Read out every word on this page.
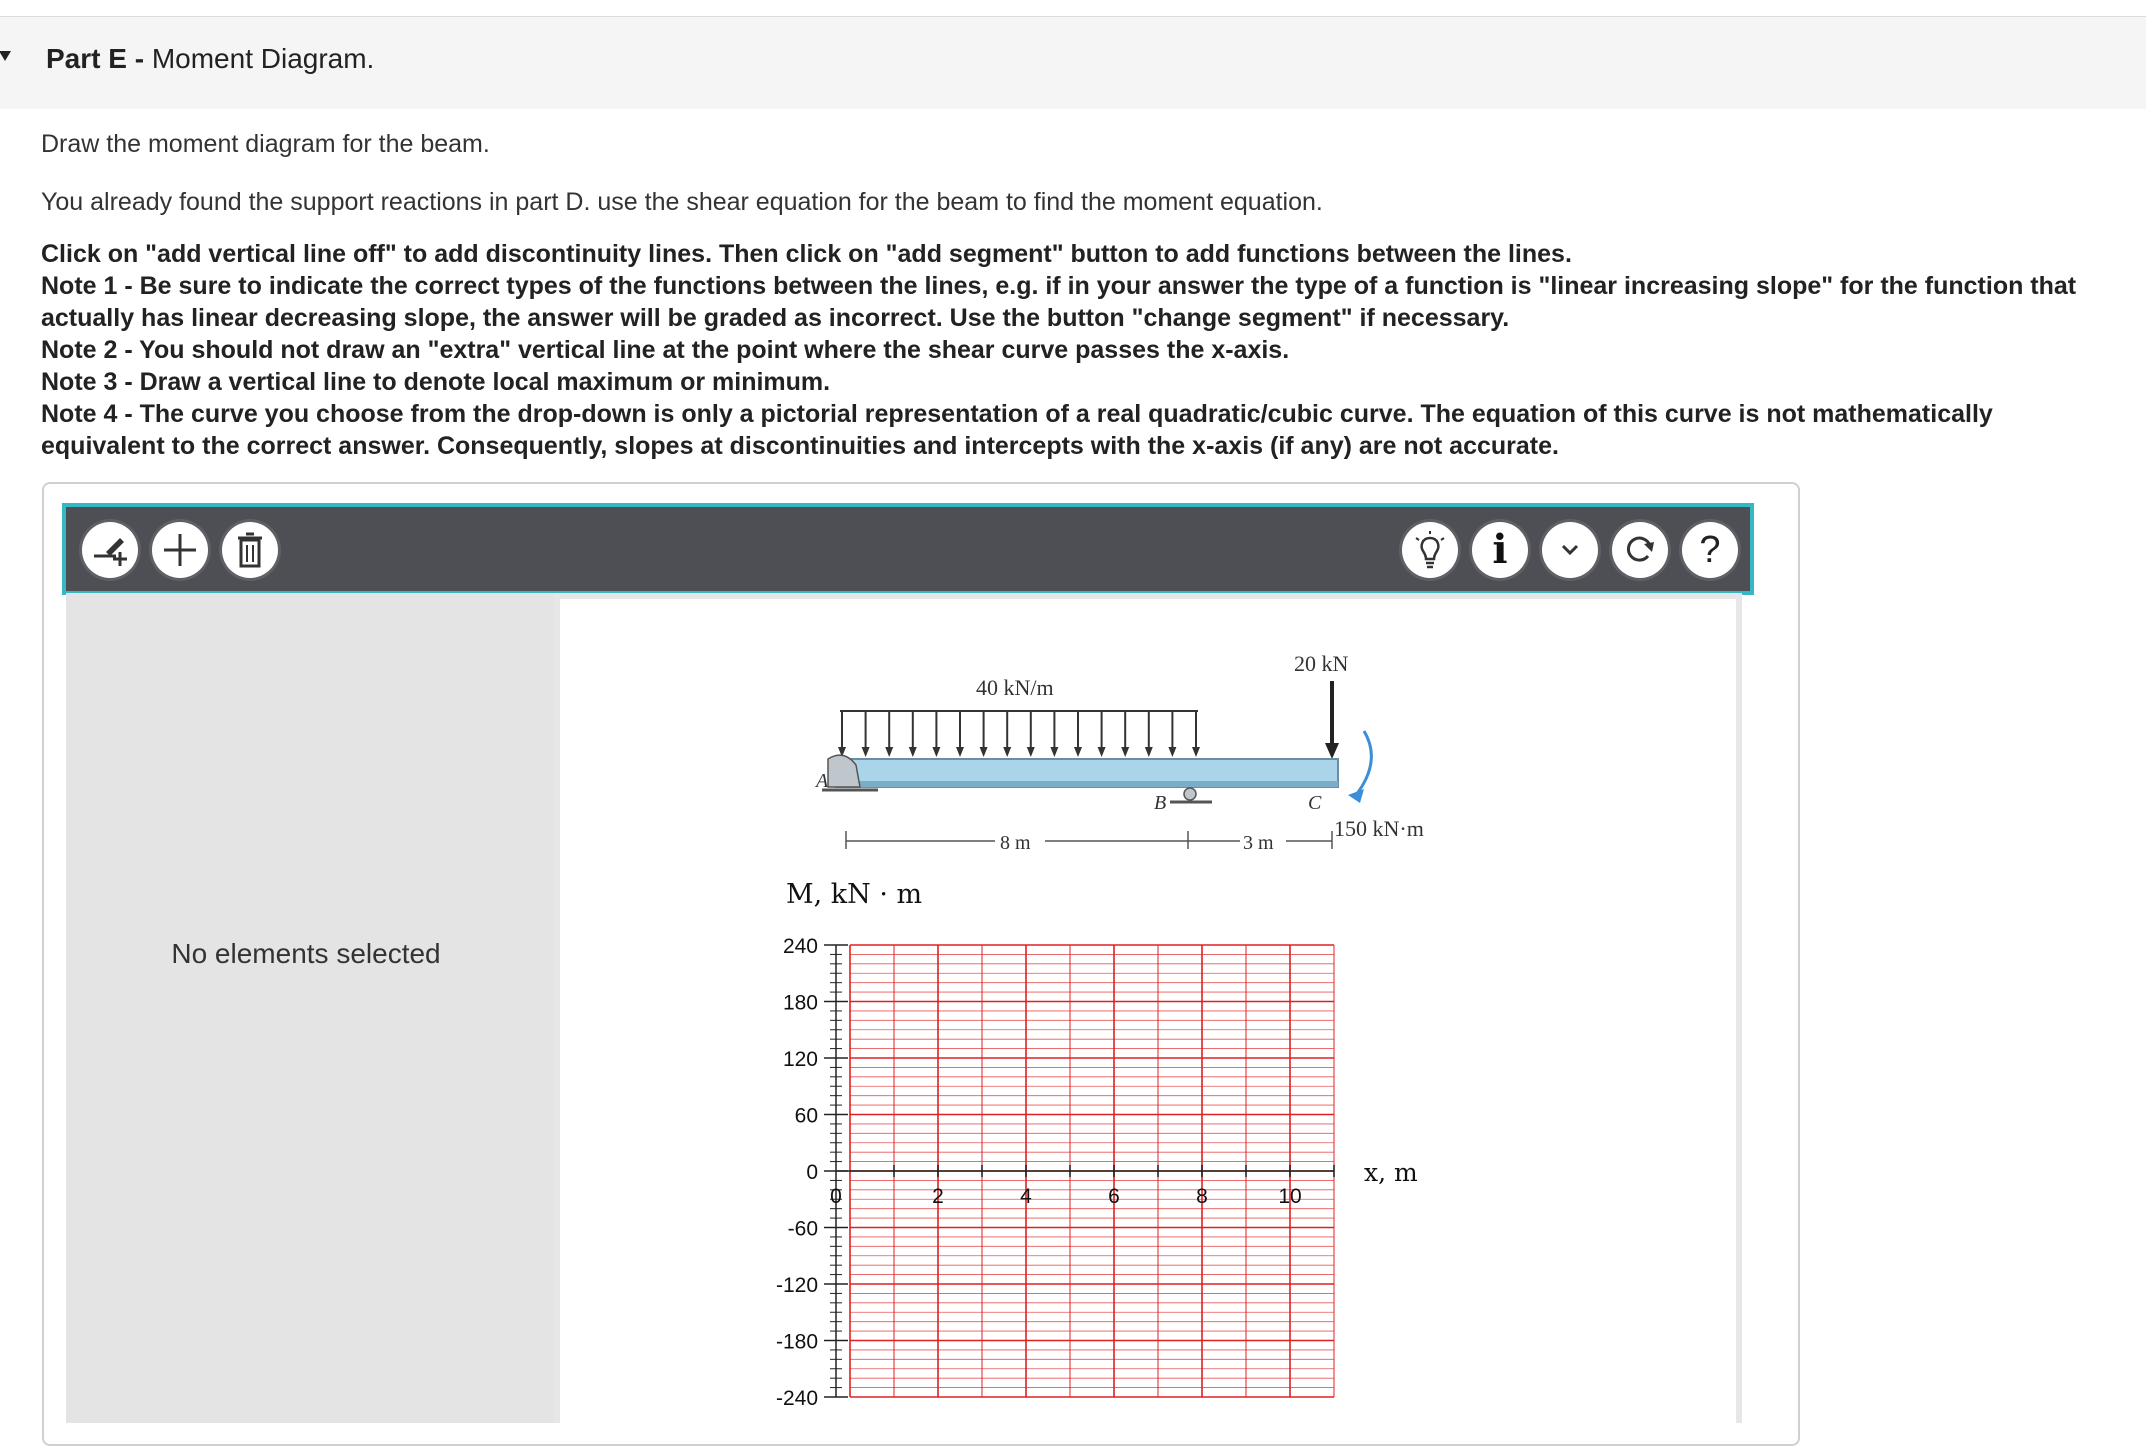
Part E - Moment Diagram.
Draw the moment diagram for the beam.
You already found the support reactions in part D. use the shear equation for the beam to find the moment equation.
Click on "add vertical line off" to add discontinuity lines. Then click on "add segment" button to add functions between the lines.
Note 1 - Be sure to indicate the correct types of the functions between the lines, e.g. if in your answer the type of a function is "linear increasing slope" for the function that actually has linear decreasing slope, the answer will be graded as incorrect. Use the button "change segment" if necessary.
Note 2 - You should not draw an "extra" vertical line at the point where the shear curve passes the x-axis.
Note 3 - Draw a vertical line to denote local maximum or minimum.
Note 4 - The curve you choose from the drop-down is only a pictorial representation of a real quadratic/cubic curve. The equation of this curve is not mathematically equivalent to the correct answer. Consequently, slopes at discontinuities and intercepts with the x-axis (if any) are not accurate.
i	?
No elements selected
40 kN/m
20 kN
A
B	C
150 kN·m
8 m	3 m
M, kN · m
x, m
240
180
120
60
0
-60
-120
-180
-240
0	2	4	6	8	10
